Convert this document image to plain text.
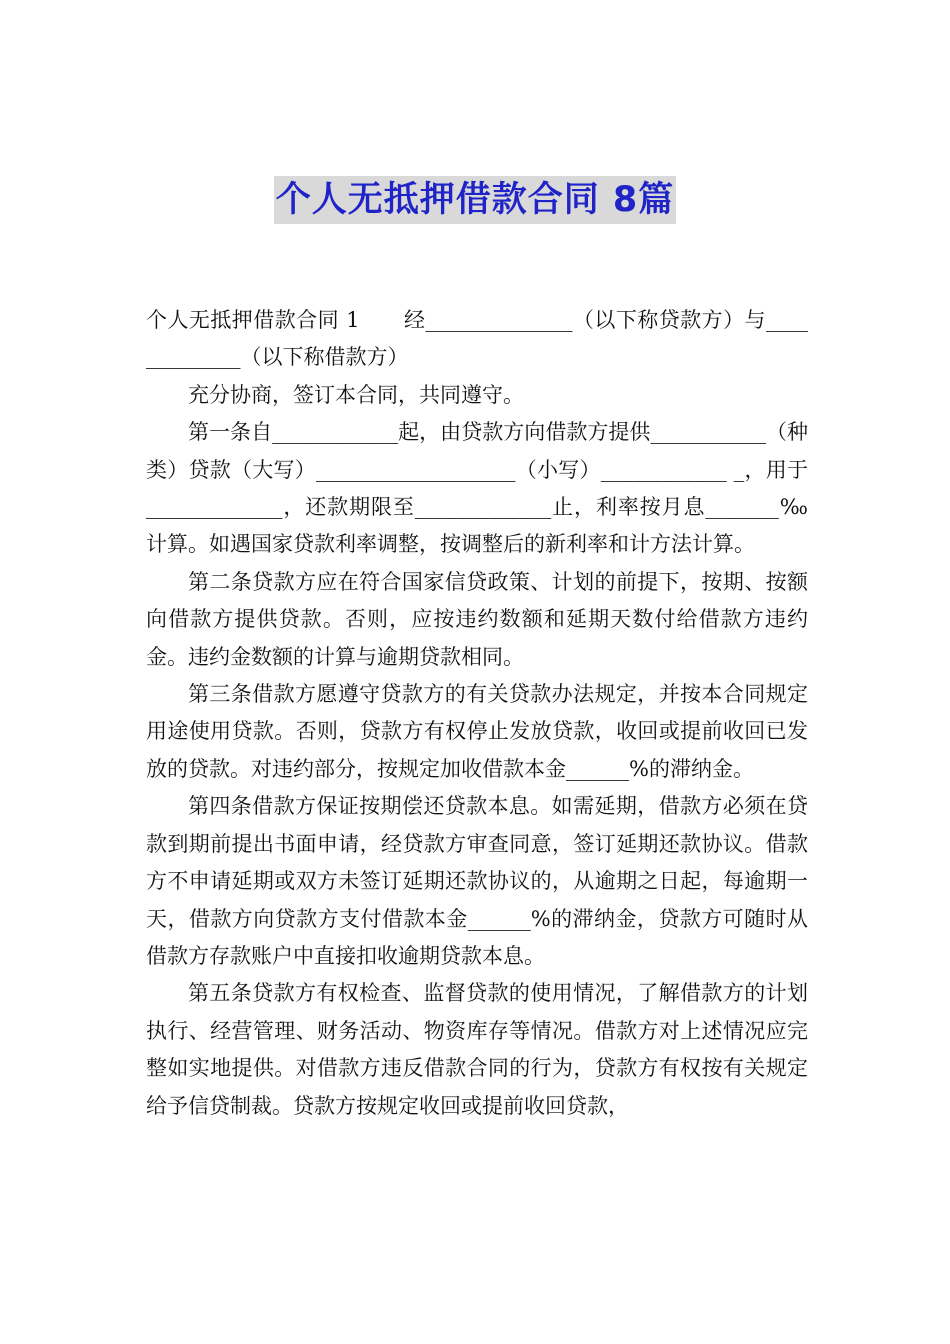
个人无抵押借款合同 8篇

个人无抵押借款合同 1 经______________（以下称贷款方）与_____________（以下称借款方）

充分协商，签订本合同，共同遵守。

第一条自____________起，由贷款方向借款方提供___________（种类）贷款（大写）___________________（小写）____________ _，用于_____________，还款期限至_____________止，利率按月息_______‰计算。如遇国家贷款利率调整，按调整后的新利率和计方法计算。

第二条贷款方应在符合国家信贷政策、计划的前提下，按期、按额向借款方提供贷款。否则，应按违约数额和延期天数付给借款方违约金。违约金数额的计算与逾期贷款相同。

第三条借款方愿遵守贷款方的有关贷款办法规定，并按本合同规定用途使用贷款。否则，贷款方有权停止发放贷款，收回或提前收回已发放的贷款。对违约部分，按规定加收借款本金______%的滞纳金。

第四条借款方保证按期偿还贷款本息。如需延期，借款方必须在贷款到期前提出书面申请，经贷款方审查同意，签订延期还款协议。借款方不申请延期或双方未签订延期还款协议的，从逾期之日起，每逾期一天，借款方向贷款方支付借款本金______%的滞纳金，贷款方可随时从借款方存款账户中直接扣收逾期贷款本息。

第五条贷款方有权检查、监督贷款的使用情况，了解借款方的计划执行、经营管理、财务活动、物资库存等情况。借款方对上述情况应完整如实地提供。对借款方违反借款合同的行为，贷款方有权按有关规定给予信贷制裁。贷款方按规定收回或提前收回贷款，
